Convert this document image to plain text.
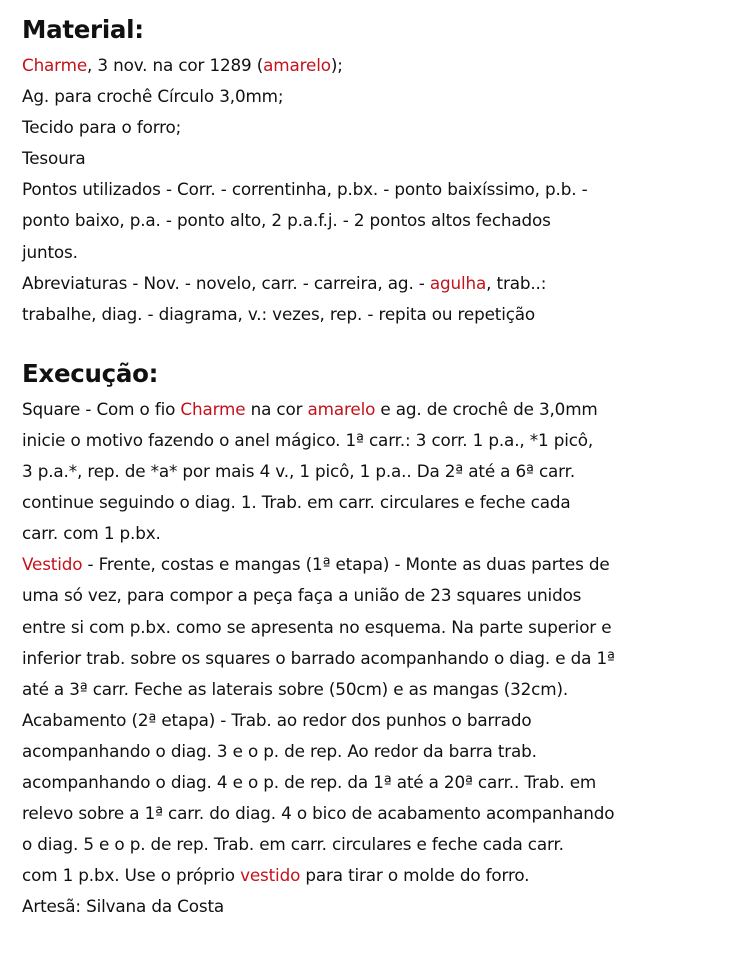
Material:
Charme, 3 nov. na cor 1289 (amarelo);
Ag. para crochê Círculo 3,0mm;
Tecido para o forro;
Tesoura
Pontos utilizados - Corr. - correntinha, p.bx. - ponto baixíssimo, p.b. -
ponto baixo, p.a. - ponto alto, 2 p.a.f.j. - 2 pontos altos fechados
juntos.
Abreviaturas - Nov. - novelo, carr. - carreira, ag. - agulha, trab..:
trabalhe, diag. - diagrama, v.: vezes, rep. - repita ou repetição
Execução:
Square - Com o fio Charme na cor amarelo e ag. de crochê de 3,0mm
inicie o motivo fazendo o anel mágico. 1ª carr.: 3 corr. 1 p.a., *1 picô,
3 p.a.*, rep. de *a* por mais 4 v., 1 picô, 1 p.a.. Da 2ª até a 6ª carr.
continue seguindo o diag. 1. Trab. em carr. circulares e feche cada
carr. com 1 p.bx.
Vestido - Frente, costas e mangas (1ª etapa) - Monte as duas partes de
uma só vez, para compor a peça faça a união de 23 squares unidos
entre si com p.bx. como se apresenta no esquema. Na parte superior e
inferior trab. sobre os squares o barrado acompanhando o diag. e da 1ª
até a 3ª carr. Feche as laterais sobre (50cm) e as mangas (32cm).
Acabamento (2ª etapa) - Trab. ao redor dos punhos o barrado
acompanhando o diag. 3 e o p. de rep. Ao redor da barra trab.
acompanhando o diag. 4 e o p. de rep. da 1ª até a 20ª carr.. Trab. em
relevo sobre a 1ª carr. do diag. 4 o bico de acabamento acompanhando
o diag. 5 e o p. de rep. Trab. em carr. circulares e feche cada carr.
com 1 p.bx. Use o próprio vestido para tirar o molde do forro.
Artesã: Silvana da Costa
